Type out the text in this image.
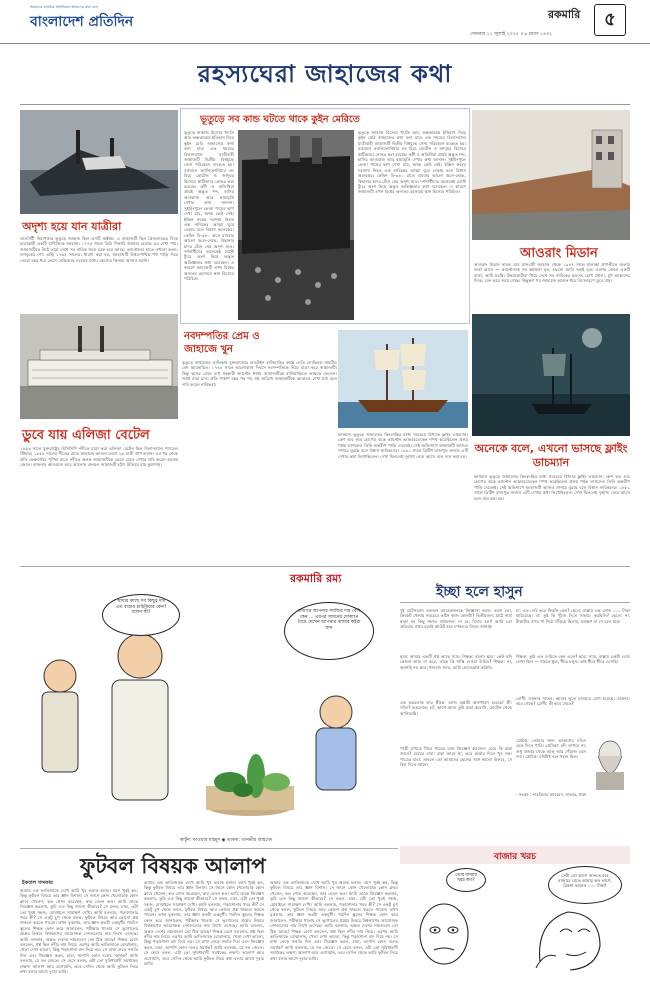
বাংলাদেশ প্রতিদিন
আমাদের মানচিত্র প্রতিনিয়ত আমাদের কথা বলে
রকমারি
সোমবার ২১ জুলাই ২০২৫ ॥ ৬ শ্রাবণ ১৪৩২
৫
রহস্যঘেরা জাহাজের কথা
অদৃশ্য হয়ে যান যাত্রীরা
ডাওনিটী নিরাপত্তার ভূতুড়ে জাহাজ ছিল এসটি অক্টাভ। এ জাহাজটি ছিল গ্রিনল্যান্ডের দিকে যাত্রাকারী একটি বাণিজ্যিক জাহাজ। ১৭৭৫ সালে তিমি শিকারি জাহাজ হেরাল্ড এর দেখা পায়। জাহাজটিতে উঠে তারা দেখে সব নাবিক জমে বরফ হয়ে আছে। ক্যাপ্টেনের হাতে তখনো কলম, লগবুকের শেষ এন্ট্রি ১৭৬২ সালের। ধারণা করা হয়, জাহাজটি উত্তর-পশ্চিম পথ পাড়ি দিয়ে তেরো বছর ধরে ভেসে বেড়িয়েছে বরফের মধ্যে। রহস্যের কিনারা আজও হয়নি।
ডুবে যায় এলিজা বেটেল
১৮৫৩ সালে যুক্তরাষ্ট্রের মিসিসিপি নদীতে যাত্রা করা এলিজা বেটেল ছিল বিলাসবহুল প্যাডেল স্টিমার। ১৮৫৮ সালের শীতের রাতে জাহাজে আগুন লেগে ২৬ যাত্রী প্রাণ হারান। এর পর থেকে প্রতি ফেব্রুয়ারির পূর্ণিমা রাতে নদীতে জ্বলন্ত জাহাজটিকে ভেসে যেতে দেখার দাবি করেন অনেক জেলে। বাজনার আওয়াজ আর আলোয় ঝলমল জাহাজটি হঠাৎ মিলিয়ে যায় কুয়াশায়।
ভূতুড়ে সব কান্ড ঘটতে থাকে কুইন মেরিতে
ভূতুড়ে জাহাজ হিসেবে খ্যাতি আর অন্ধকারময় ইতিহাস নিয়ে কুইন মেরি জাহাজের কথা বলা যায়। এক সময়ের বিলাসবহুল যাত্রীবাহী জাহাজটি দ্বিতীয় বিশ্বযুদ্ধে সেনা পরিবহনে ব্যবহৃত হয়। বর্তমানে ক্যালিফোর্নিয়ার লং বিচে হোটেল ও জাদুঘর হিসেবে স্থায়ীভাবে নোঙর করা রয়েছে। কর্মী ও অতিথিরা প্রায়ই অদ্ভুত শব্দ, হাসির আওয়াজ আর ছায়ামূর্তি দেখার কথা জানান। সুইমিংপুলে ভেজা পায়ের ছাপ দেখা যায়, অথচ কেউ নেই। ইঞ্জিন রুমের দরজায় নিহত এক নাবিকের আত্মা ঘুরে বেড়ায় বলে বিশ্বাস অনেকের। কেবিন বি-৩৪০ রাতে বারবার আলো জ্বলে-নেভে, বিছানার চাদর টেনে নেয় অদৃশ্য হাত। দর্শনার্থীদের অনেকেই ঘোস্ট ট্যুরে অংশ নিয়ে অদ্ভুত অভিজ্ঞতার কথা বলেছেন। এ কারণে জাহাজটি এখন বিশ্বের অন্যতম রহস্যময় স্থান হিসেবে পরিচিত।
ভূতুড়ে জাহাজ হিসেবে খ্যাতি আর অন্ধকারময় ইতিহাস নিয়ে কুইন মেরি জাহাজের কথা বলা যায়। এক সময়ের বিলাসবহুল যাত্রীবাহী জাহাজটি দ্বিতীয় বিশ্বযুদ্ধে সেনা পরিবহনে ব্যবহৃত হয়। বর্তমানে ক্যালিফোর্নিয়ার লং বিচে হোটেল ও জাদুঘর হিসেবে স্থায়ীভাবে নোঙর করা রয়েছে। কর্মী ও অতিথিরা প্রায়ই অদ্ভুত শব্দ, হাসির আওয়াজ আর ছায়ামূর্তি দেখার কথা জানান। সুইমিংপুলে ভেজা পায়ের ছাপ দেখা যায়, অথচ কেউ নেই। ইঞ্জিন রুমের দরজায় নিহত এক নাবিকের আত্মা ঘুরে বেড়ায় বলে বিশ্বাস অনেকের। কেবিন বি-৩৪০ রাতে বারবার আলো জ্বলে-নেভে, বিছানার চাদর টেনে নেয় অদৃশ্য হাত। দর্শনার্থীদের অনেকেই ঘোস্ট ট্যুরে অংশ নিয়ে অদ্ভুত অভিজ্ঞতার কথা বলেছেন। এ কারণে জাহাজটি এখন বিশ্বের অন্যতম রহস্যময় স্থান হিসেবে পরিচিত।
নবদম্পতির প্রেম ও জাহাজে খুন
ভূতুড়ে জাহাজের তালিকায় যুক্তরাজ্যের গুডউইন বালিয়াড়ির কাছে লেডি লোভিবন্ড নামটিও বেশ আলোচিত। ১৭৪৮ সালে ভালোবাসা দিবসে নবদম্পতিকে নিয়ে যাত্রা করে জাহাজটি। কিন্তু কনের প্রেমে ব্যর্থ সহকারী ক্যাপ্টেন ঈর্ষায় জাহাজটিকে বালিয়াড়িতে আছড়ে ফেলেন। সবাই মারা যান। প্রতি পঞ্চাশ বছর পর পর ওই তারিখে জাহাজটিকে আবারও দেখা যায় বলে দাবি করেন নাবিকরা।
আওরাং মিডান
আওরাং মিডান নামক ডাচ মালবাহী জাহাজ থেকে ১৯৪৭ সালে মালাক্কা প্রণালীতে জরুরি বার্তা আসে — ক্যাপ্টেনসহ সব কর্মকর্তা মৃত, হয়তো আমি সবাই মৃত। এরপর কেবল একটি বার্তা, আমি মরছি। উদ্ধারকারীরা গিয়ে দেখে সব নাবিকের মৃতদেহ চোখ খোলা, মুখ আকাশের দিকে, যেন ভয়ে জমে গেছে। কিছুক্ষণ পর জাহাজে আগুন ধরে বিস্ফোরণে ডুবে যায়।
অনেকে বলে, এখনো ভাসছে ফ্লাইং ডাচম্যান
ভাসমান ভূতুড়ে জাহাজের কিংবদন্তির মধ্যে সবচেয়ে বিখ্যাত ফ্লাইং ডাচম্যান। কেপ অব গুড হোপের ঝড়ে ক্যাপ্টেন ভ্যান্ডারডেকেন শপথ করেছিলেন প্রলয় পর্যন্ত লাগলেও তিনি অন্তরীপ পাড়ি দেবেনই। সেই অভিশাপে জাহাজটি আজও সাগরে ঘুরছে বলে বিশ্বাস নাবিকদের। ১৮৮১ সালে ব্রিটিশ রাজপুত্র জর্জও এটি দেখার কথা লিখেছিলেন। দেখা মিললেই দুর্ভাগ্য নেমে আসে বলে মনে করা হয়।
ভাসমান ভূতুড়ে জাহাজের কিংবদন্তির মধ্যে সবচেয়ে বিখ্যাত ফ্লাইং ডাচম্যান। কেপ অব গুড হোপের ঝড়ে ক্যাপ্টেন ভ্যান্ডারডেকেন শপথ করেছিলেন প্রলয় পর্যন্ত লাগলেও তিনি অন্তরীপ পাড়ি দেবেনই। সেই অভিশাপে জাহাজটি আজও সাগরে ঘুরছে বলে বিশ্বাস নাবিকদের। ১৮৮১ সালে ব্রিটিশ রাজপুত্র জর্জও এটি দেখার কথা লিখেছিলেন। দেখা মিললেই দুর্ভাগ্য নেমে আসে বলে মনে করা হয়।
রকমারি রম্য
আমার কাছে সব কিছুর দাম এত বাড়ায় চাচিমিয়ার কেন? বলেন কী?	বাজারে আপনার সবজির দাম বেশি কেন ... এরপর সামনের দোকানে গিয়ে দেখেন আপনার বাজার কইরা যান
কার্টুন: কাওছার মাহমুদ ◉ ভাবনা: তানভীর আহমেদ
ইচ্ছা হলে হাসুন
দুই ব্যাটসম্যান একজন আরেকজনকে জিজ্ঞাসা করল: বলো তো, ক্রিকেট খেলায় সবচেয়ে কঠিন কাজ কোনটা? দ্বিতীয়জন: মাঠে নামা ছাড়া সব কিছু সহজ। প্রথমজন: না রে, বিদায় বলা! আমি তো প্রতিবার প্রথম বলেই আউট হয়ে দর্শকদের বিদায় জানাই।
ছাত্র: আমার একটি প্রশ্ন আছে স্যার। শিক্ষক: বলো। ছাত্র: কেউ যদি কোনো কাজ না করে, তাকে কি শাস্তি দেওয়া উচিত? শিক্ষক: না, অবশ্যই না। ছাত্র: ধন্যবাদ স্যার, আমি হোমওয়ার্ক করিনি।
এক ভদ্রলোক তার স্ত্রীকে: আজ রান্নাটা অসাধারণ হয়েছে! স্ত্রী: সত্যি? ভদ্রলোক: হ্যাঁ, কারণ আজ তুমি রান্না করোনি, হোটেল থেকে আনিয়েছি।
পাত্রী দেখতে গিয়ে পাত্রের বাবা জিজ্ঞেস করলেন: মেয়ে কি রান্না জানে? মেয়ের বাবা: রান্না জানে না, তবে অর্ডার দিতে খুব দক্ষ। পাত্রের বাবা: তাহলে তো আমাদের ছেলের সঙ্গে ভালো মিলবে, সে বিল দিতে জানে।
মা: এত দেরি করে ফিরলি কেন? ছেলে: রাস্তায় এক লোক ১০০ টাকা হারিয়েছে। মা: তুই কি খুঁজে দিতে সাহায্য করছিলি? ছেলে: না, টাকাটার ওপর পা দিয়ে দাঁড়িয়ে ছিলাম, যতক্ষণ না সে চলে যায়।
শিক্ষক: তুমি এত দেরিতে কেন এলে? ছাত্র: স্যার, রাস্তায় একটা বোর্ড লেখা ছিল — সামনে স্কুল, ধীরে চলুন। তাই ধীরে ধীরে এসেছি।
রোগী: ডাক্তার সাহেব, আমার ভুলে যাওয়ার রোগ হয়েছে। ডাক্তার: কবে থেকে? রোগী: কী কবে থেকে?
প্রেমিক: তোমার জন্য আকাশের চাঁদও এনে দিতে পারি। প্রেমিকা: চাঁদ লাগবে না, শুধু বাজার থেকে আলু আর পেঁয়াজ এনে দাও। প্রেমিক: চাঁদটাই বরং সহজ ছিল।
- সংগ্রহ : শাহরিয়ার আহমেদ, সাভার, ঢাকা
ফুটবল বিষয়ক আলাপ
ইকবাল খন্দকার
আমার এক ভাতিজাকে দেখে আমি খুব অবাক হলাম। বয়স খুবই কম, কিন্তু ফুটবল বিষয়ে তার জ্ঞান বিশাল। সে জানে কোন খেলোয়াড় কোন ক্লাবে খেলেন, কত গোল করেছেন, কার বেতন কত। আমি তাকে জিজ্ঞেস করলাম, তুমি এত কিছু জানো কীভাবে? সে বলল, চাচা, এটা তো খুবই সহজ, মোবাইলে সারাক্ষণ দেখি। আমি বললাম, পড়াশোনার খবর কী? সে একটু চুপ থেকে বলল, ফুটবল বিষয়ে আর কোনো প্রশ্ন থাকলে করতে পারেন। তখন বুঝলাম, তার জ্ঞান কতটা একমুখী। পরদিন স্কুলের শিক্ষক ফোন করে জানালেন, পরীক্ষার খাতায় সে ভূগোলের প্রশ্নের উত্তরে বিশ্বকাপের আয়োজক দেশগুলোর নাম লিখে এসেছে। আমি বললাম, অন্তত দেশের নামগুলো তো ঠিক আছে! শিক্ষক রেগে বললেন, প্রশ্ন ছিল নদীর নাম নিয়ে। এরপর আমি ভাতিজাকে বোঝালাম, খেলা দেখা ভালো, কিন্তু পড়াশোনা বাদ দিয়ে নয়। সে মাথা নেড়ে সম্মতি দিল এবং জিজ্ঞেস করল, চাচা, আপনি কোন দলের সমর্থক? আমি বললাম, যে দল জেতে। সে হেসে বলল, এটা তো সুবিধাবাদী সমর্থকের লক্ষণ। আলাপ আর এগোয়নি, তবে সেদিন থেকে আমি ফুটবল নিয়ে কথা বলার আগে দুবার ভাবি।
আমার এক ভাতিজাকে দেখে আমি খুব অবাক হলাম। বয়স খুবই কম, কিন্তু ফুটবল বিষয়ে তার জ্ঞান বিশাল। সে জানে কোন খেলোয়াড় কোন ক্লাবে খেলেন, কত গোল করেছেন, কার বেতন কত। আমি তাকে জিজ্ঞেস করলাম, তুমি এত কিছু জানো কীভাবে? সে বলল, চাচা, এটা তো খুবই সহজ, মোবাইলে সারাক্ষণ দেখি। আমি বললাম, পড়াশোনার খবর কী? সে একটু চুপ থেকে বলল, ফুটবল বিষয়ে আর কোনো প্রশ্ন থাকলে করতে পারেন। তখন বুঝলাম, তার জ্ঞান কতটা একমুখী। পরদিন স্কুলের শিক্ষক ফোন করে জানালেন, পরীক্ষার খাতায় সে ভূগোলের প্রশ্নের উত্তরে বিশ্বকাপের আয়োজক দেশগুলোর নাম লিখে এসেছে। আমি বললাম, অন্তত দেশের নামগুলো তো ঠিক আছে! শিক্ষক রেগে বললেন, প্রশ্ন ছিল নদীর নাম নিয়ে। এরপর আমি ভাতিজাকে বোঝালাম, খেলা দেখা ভালো, কিন্তু পড়াশোনা বাদ দিয়ে নয়। সে মাথা নেড়ে সম্মতি দিল এবং জিজ্ঞেস করল, চাচা, আপনি কোন দলের সমর্থক? আমি বললাম, যে দল জেতে। সে হেসে বলল, এটা তো সুবিধাবাদী সমর্থকের লক্ষণ। আলাপ আর এগোয়নি, তবে সেদিন থেকে আমি ফুটবল নিয়ে কথা বলার আগে দুবার ভাবি।
আমার এক ভাতিজাকে দেখে আমি খুব অবাক হলাম। বয়স খুবই কম, কিন্তু ফুটবল বিষয়ে তার জ্ঞান বিশাল। সে জানে কোন খেলোয়াড় কোন ক্লাবে খেলেন, কত গোল করেছেন, কার বেতন কত। আমি তাকে জিজ্ঞেস করলাম, তুমি এত কিছু জানো কীভাবে? সে বলল, চাচা, এটা তো খুবই সহজ, মোবাইলে সারাক্ষণ দেখি। আমি বললাম, পড়াশোনার খবর কী? সে একটু চুপ থেকে বলল, ফুটবল বিষয়ে আর কোনো প্রশ্ন থাকলে করতে পারেন। তখন বুঝলাম, তার জ্ঞান কতটা একমুখী। পরদিন স্কুলের শিক্ষক ফোন করে জানালেন, পরীক্ষার খাতায় সে ভূগোলের প্রশ্নের উত্তরে বিশ্বকাপের আয়োজক দেশগুলোর নাম লিখে এসেছে। আমি বললাম, অন্তত দেশের নামগুলো তো ঠিক আছে! শিক্ষক রেগে বললেন, প্রশ্ন ছিল নদীর নাম নিয়ে। এরপর আমি ভাতিজাকে বোঝালাম, খেলা দেখা ভালো, কিন্তু পড়াশোনা বাদ দিয়ে নয়। সে মাথা নেড়ে সম্মতি দিল এবং জিজ্ঞেস করল, চাচা, আপনি কোন দলের সমর্থক? আমি বললাম, যে দল জেতে। সে হেসে বলল, এটা তো সুবিধাবাদী সমর্থকের লক্ষণ। আলাপ আর এগোয়নি, তবে সেদিন থেকে আমি ফুটবল নিয়ে কথা বলার আগে দুবার ভাবি।
বাজার খরচ
তোর বাজার খরচ কত?
সেটা তো আগে জানতে হবে বাজারে যেতে আমার কত লাগে, রিকশা ভাড়াও ১০০ টাকা!
